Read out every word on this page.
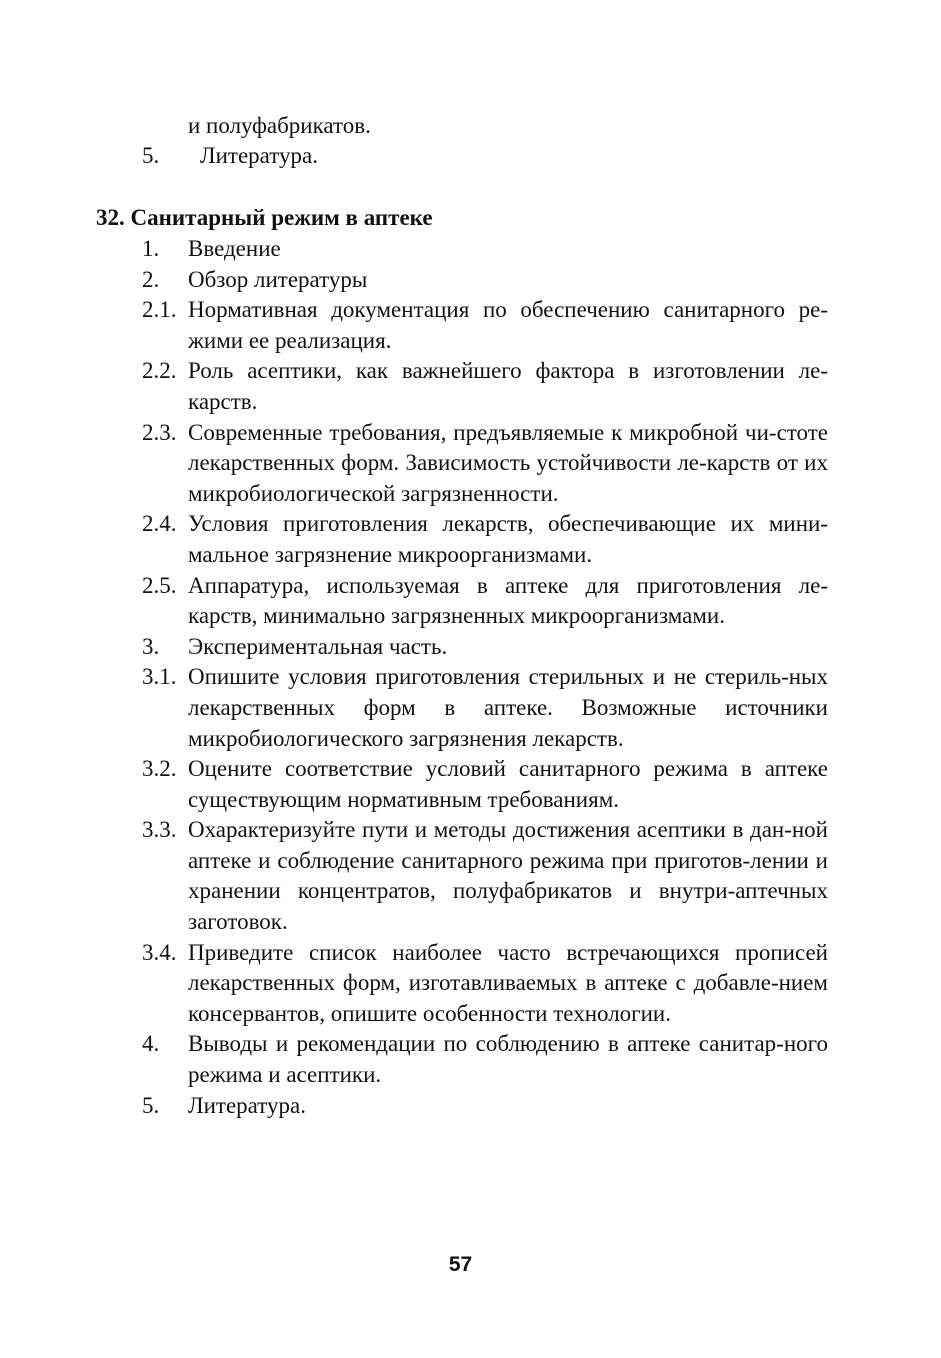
и полуфабрикатов.
5. Литература.
32. Санитарный режим в аптеке
1.	Введение
2.	Обзор литературы
2.1. Нормативная документация по обеспечению санитарного ре-жими ее реализация.
2.2. Роль асептики, как важнейшего фактора в изготовлении ле-карств.
2.3. Современные требования, предъявляемые к микробной чи-стоте лекарственных форм. Зависимость устойчивости ле-карств от их микробиологической загрязненности.
2.4. Условия приготовления лекарств, обеспечивающие их мини-мальное загрязнение микроорганизмами.
2.5. Аппаратура, используемая в аптеке для приготовления ле-карств, минимально загрязненных микроорганизмами.
3.	Экспериментальная часть.
3.1. Опишите условия приготовления стерильных и не стериль-ных лекарственных форм в аптеке. Возможные источники микробиологического загрязнения лекарств.
3.2. Оцените соответствие условий санитарного режима в аптеке существующим нормативным требованиям.
3.3. Охарактеризуйте пути и методы достижения асептики в дан-ной аптеке и соблюдение санитарного режима при приготов-лении и хранении концентратов, полуфабрикатов и внутри-аптечных заготовок.
3.4. Приведите список наиболее часто встречающихся прописей лекарственных форм, изготавливаемых в аптеке с добавле-нием консервантов, опишите особенности технологии.
4.	Выводы и рекомендации по соблюдению в аптеке санитар-ного режима и асептики.
5.	Литература.
57
